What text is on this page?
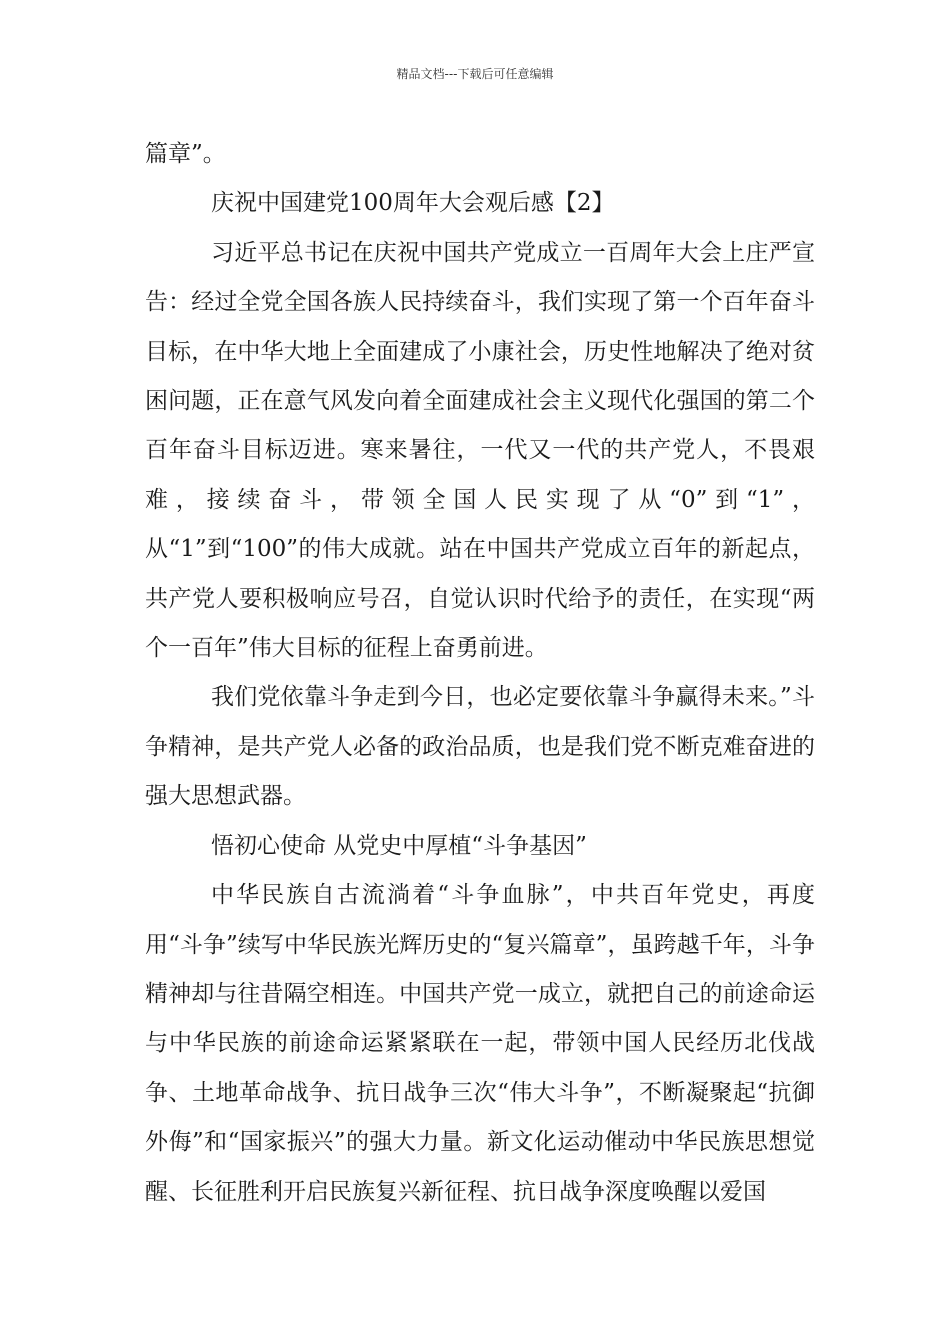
精品文档---下载后可任意编辑

篇章”。

庆祝中国建党100周年大会观后感【2】

习近平总书记在庆祝中国共产党成立一百周年大会上庄严宣告：经过全党全国各族人民持续奋斗，我们实现了第一个百年奋斗目标，在中华大地上全面建成了小康社会，历史性地解决了绝对贫困问题，正在意气风发向着全面建成社会主义现代化强国的第二个百年奋斗目标迈进。寒来暑往，一代又一代的共产党人，不畏艰难，接续奋斗，带领全国人民实现了从“0”到“1”，从“1”到“100”的伟大成就。站在中国共产党成立百年的新起点，共产党人要积极响应号召，自觉认识时代给予的责任，在实现“两个一百年”伟大目标的征程上奋勇前进。

我们党依靠斗争走到今日，也必定要依靠斗争赢得未来。”斗争精神，是共产党人必备的政治品质，也是我们党不断克难奋进的强大思想武器。

悟初心使命 从党史中厚植“斗争基因”

中华民族自古流淌着“斗争血脉”，中共百年党史，再度用“斗争”续写中华民族光辉历史的“复兴篇章”，虽跨越千年，斗争精神却与往昔隔空相连。中国共产党一成立，就把自己的前途命运与中华民族的前途命运紧紧联在一起，带领中国人民经历北伐战争、土地革命战争、抗日战争三次“伟大斗争”，不断凝聚起“抗御外侮”和“国家振兴”的强大力量。新文化运动催动中华民族思想觉醒、长征胜利开启民族复兴新征程、抗日战争深度唤醒以爱国
